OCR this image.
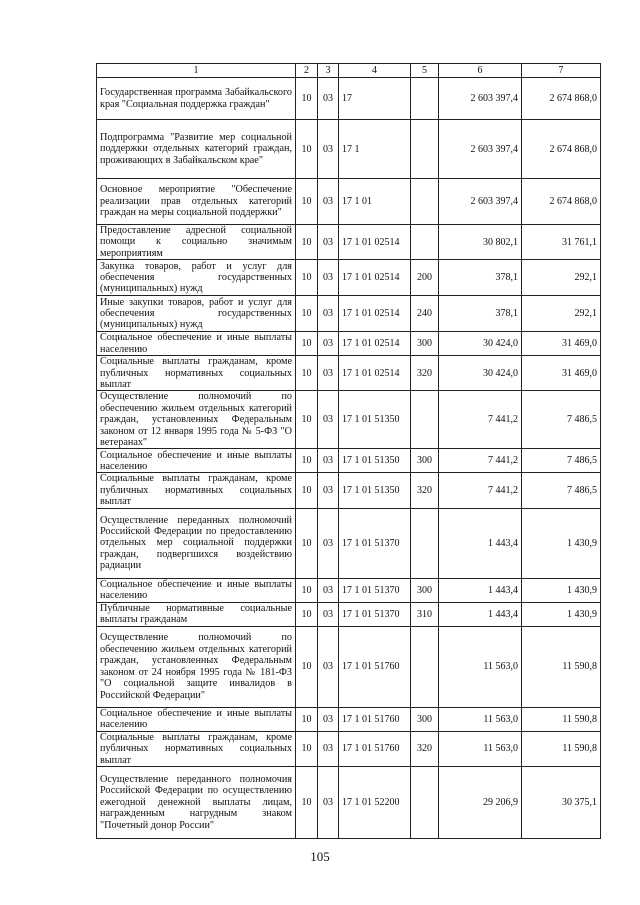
1	2	3	4	5	6	7
Государственная программа Забайкальского края "Социальная поддержка граждан"	10	03	17		2 603 397,4	2 674 868,0
Подпрограмма "Развитие мер социальной поддержки отдельных категорий граждан, проживающих в Забайкальском крае"	10	03	17 1		2 603 397,4	2 674 868,0
Основное мероприятие "Обеспечение реализации прав отдельных категорий граждан на меры социальной поддержки"	10	03	17 1 01		2 603 397,4	2 674 868,0
Предоставление адресной социальной помощи к социально значимым мероприятиям	10	03	17 1 01 02514		30 802,1	31 761,1
Закупка товаров, работ и услуг для обеспечения государственных (муниципальных) нужд	10	03	17 1 01 02514	200	378,1	292,1
Иные закупки товаров, работ и услуг для обеспечения государственных (муниципальных) нужд	10	03	17 1 01 02514	240	378,1	292,1
Социальное обеспечение и иные выплаты населению	10	03	17 1 01 02514	300	30 424,0	31 469,0
Социальные выплаты гражданам, кроме публичных нормативных социальных выплат	10	03	17 1 01 02514	320	30 424,0	31 469,0
Осуществление полномочий по обеспечению жильем отдельных категорий граждан, установленных Федеральным законом от 12 января 1995 года № 5-ФЗ "О ветеранах"	10	03	17 1 01 51350		7 441,2	7 486,5
Социальное обеспечение и иные выплаты населению	10	03	17 1 01 51350	300	7 441,2	7 486,5
Социальные выплаты гражданам, кроме публичных нормативных социальных выплат	10	03	17 1 01 51350	320	7 441,2	7 486,5
Осуществление переданных полномочий Российской Федерации по предоставлению отдельных мер социальной поддержки граждан, подвергшихся воздействию радиации	10	03	17 1 01 51370		1 443,4	1 430,9
Социальное обеспечение и иные выплаты населению	10	03	17 1 01 51370	300	1 443,4	1 430,9
Публичные нормативные социальные выплаты гражданам	10	03	17 1 01 51370	310	1 443,4	1 430,9
Осуществление полномочий по обеспечению жильем отдельных категорий граждан, установленных Федеральным законом от 24 ноября 1995 года № 181-ФЗ "О социальной защите инвалидов в Российской Федерации"	10	03	17 1 01 51760		11 563,0	11 590,8
Социальное обеспечение и иные выплаты населению	10	03	17 1 01 51760	300	11 563,0	11 590,8
Социальные выплаты гражданам, кроме публичных нормативных социальных выплат	10	03	17 1 01 51760	320	11 563,0	11 590,8
Осуществление переданного полномочия Российской Федерации по осуществлению ежегодной денежной выплаты лицам, награжденным нагрудным знаком "Почетный донор России"	10	03	17 1 01 52200		29 206,9	30 375,1
105
